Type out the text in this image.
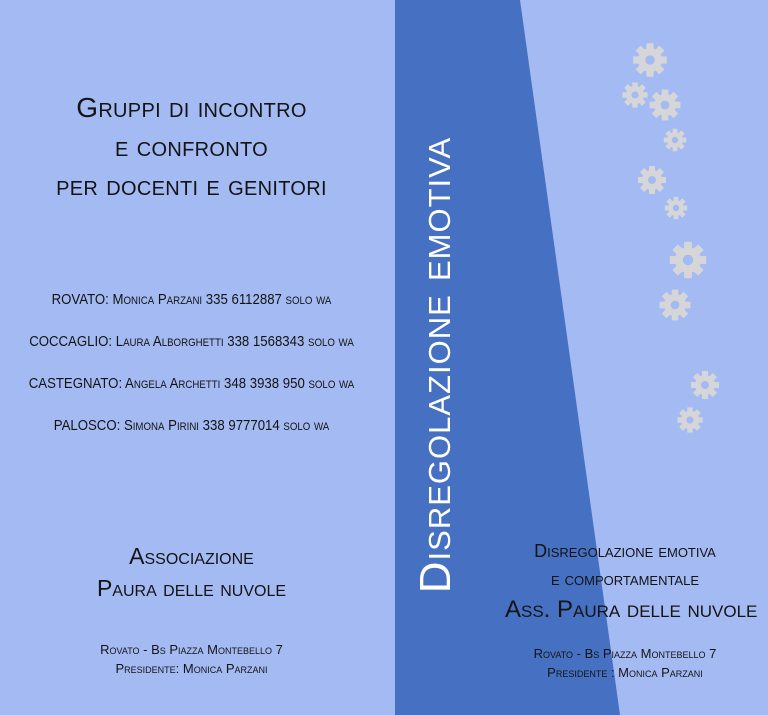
Gruppi di incontro
e confronto
per docenti e genitori
ROVATO: Monica Parzani 335 6112887 solo wa
COCCAGLIO: Laura Alborghetti 338 1568343 solo wa
CASTEGNATO: Angela Archetti 348 3938 950 solo wa
PALOSCO: Simona Pirini 338 9777014 solo wa
Associazione
Paura delle nuvole
Rovato - Bs Piazza Montebello 7
Presidente: Monica Parzani
Disregolazione emotiva	Disregolazione emotiva
e comportamentale
Ass. Paura delle nuvole
Rovato - Bs Piazza Montebello 7
Presidente : Monica Parzani
